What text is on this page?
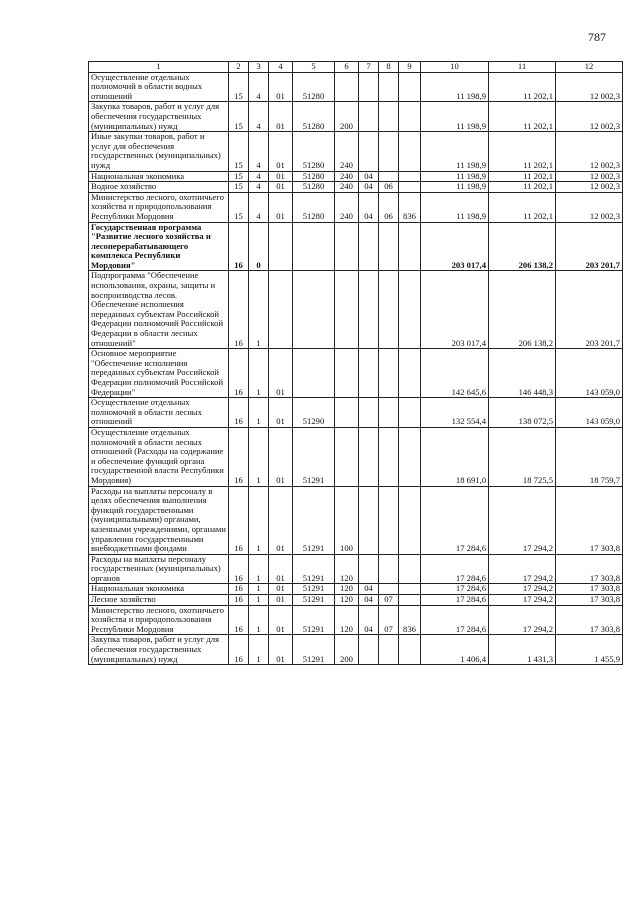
787
1	2	3	4	5	6	7	8	9	10	11	12
Осуществление отдельных полномочий в области водных отношений	15	4	01	51280					11 198,9	11 202,1	12 002,3
Закупка товаров, работ и услуг для обеспечения государственных (муниципальных) нужд	15	4	01	51280	200				11 198,9	11 202,1	12 002,3
Иные закупки товаров, работ и услуг для обеспечения государственных (муниципальных) нужд	15	4	01	51280	240				11 198,9	11 202,1	12 002,3
Национальная экономика	15	4	01	51280	240	04			11 198,9	11 202,1	12 002,3
Водное хозяйство	15	4	01	51280	240	04	06		11 198,9	11 202,1	12 002,3
Министерство лесного, охотничьего хозяйства и природопользования Республики Мордовия	15	4	01	51280	240	04	06	836	11 198,9	11 202,1	12 002,3
Государственная программа "Развитие лесного хозяйства и лесоперерабатывающего комплекса Республики Мордовия"	16	0							203 017,4	206 138,2	203 201,7
Подпрограмма "Обеспечение использования, охраны, защиты и воспроизводства лесов. Обеспечение исполнения переданных субъектам Российской Федерации полномочий Российской Федерации в области лесных отношений"	16	1							203 017,4	206 138,2	203 201,7
Основное мероприятие "Обеспечение исполнения переданных субъектам Российской Федерации полномочий Российской Федерации"	16	1	01						142 645,6	146 448,3	143 059,0
Осуществление отдельных полномочий в области лесных отношений	16	1	01	51290					132 554,4	138 072,5	143 059,0
Осуществление отдельных полномочий в области лесных отношений (Расходы на содержание и обеспечение функций органа государственной власти Республики Мордовия)	16	1	01	51291					18 691,0	18 725,5	18 759,7
Расходы на выплаты персоналу в целях обеспечения выполнения функций государственными (муниципальными) органами, казенными учреждениями, органами управления государственными внебюджетными фондами	16	1	01	51291	100				17 284,6	17 294,2	17 303,8
Расходы на выплаты персоналу государственных (муниципальных) органов	16	1	01	51291	120				17 284,6	17 294,2	17 303,8
Национальная экономика	16	1	01	51291	120	04			17 284,6	17 294,2	17 303,8
Лесное хозяйство	16	1	01	51291	120	04	07		17 284,6	17 294,2	17 303,8
Министерство лесного, охотничьего хозяйства и природопользования Республики Мордовия	16	1	01	51291	120	04	07	836	17 284,6	17 294,2	17 303,8
Закупка товаров, работ и услуг для обеспечения государственных (муниципальных) нужд	16	1	01	51291	200				1 406,4	1 431,3	1 455,9
